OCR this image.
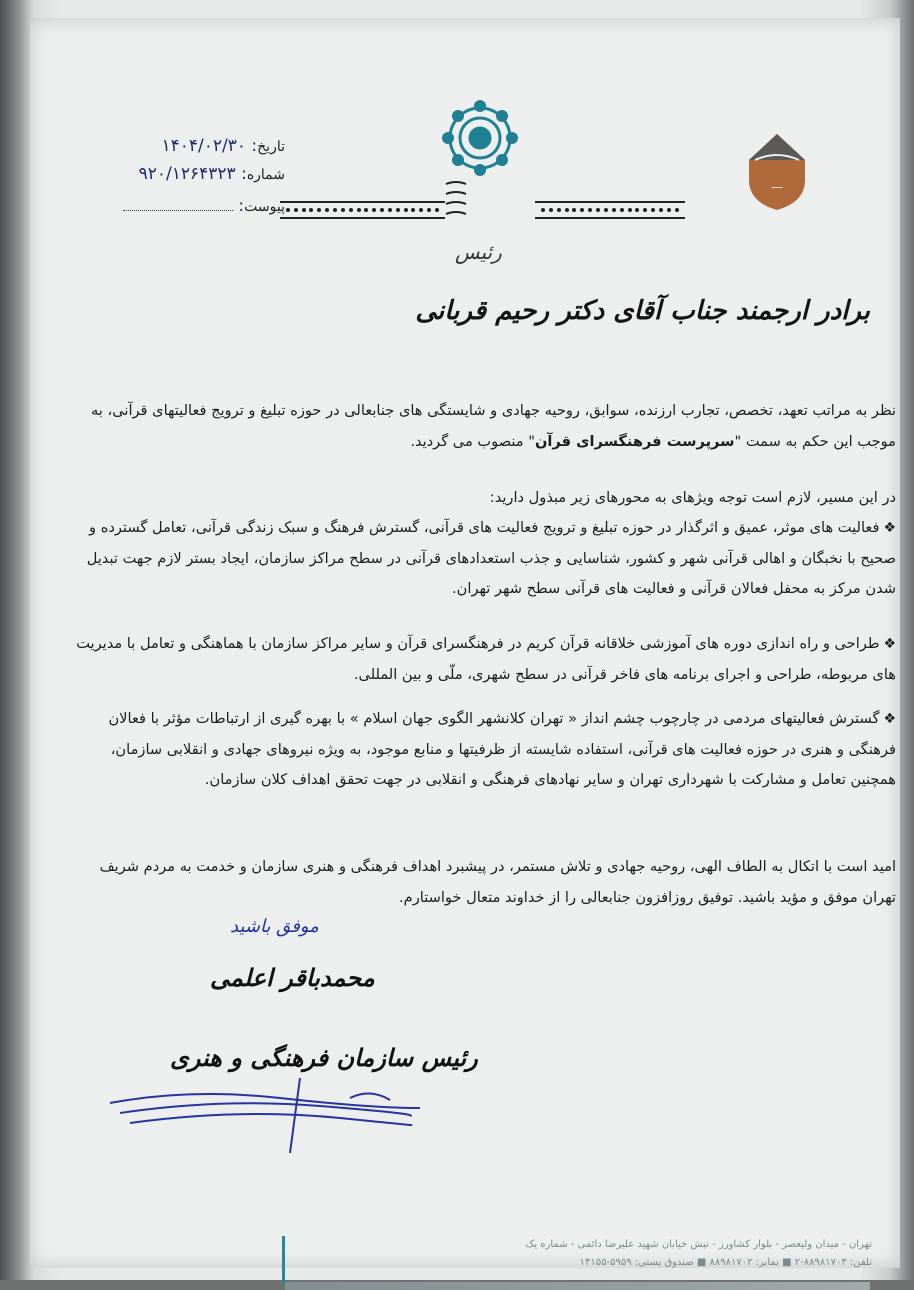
ــــ
تاریخ: ۱۴۰۴/۰۲/۳۰
شماره: ۹۲۰/۱۲۶۴۳۲۳
پیوست:
رئیس
برادر ارجمند جناب آقای دکتر رحیم قربانی
نظر به مراتب تعهد، تخصص، تجارب ارزنده، سوابق، روحیه جهادی و شایستگی های جنابعالی در حوزه تبلیغ و ترویج فعالیتهای قرآنی، به موجب این حکم به سمت "سرپرست فرهنگسرای قرآن" منصوب می گردید.
در این مسیر، لازم است توجه ویژهای به محورهای زیر مبذول دارید:
❖فعالیت های موثر، عمیق و اثرگذار در حوزه تبلیغ و ترویج فعالیت های قرآنی، گسترش فرهنگ و سبک زندگی قرآنی، تعامل گسترده و صحیح با نخبگان و اهالی قرآنی شهر و کشور، شناسایی و جذب استعدادهای قرآنی در سطح مراکز سازمان، ایجاد بستر لازم جهت تبدیل شدن مرکز به محفل فعالان قرآنی و فعالیت های قرآنی سطح شهر تهران.
❖طراحی و راه اندازی دوره های آموزشی خلاقانه قرآن کریم در فرهنگسرای قرآن و سایر مراکز سازمان با هماهنگی و تعامل با مدیریت های مربوطه، طراحی و اجرای برنامه های فاخر قرآنی در سطح شهری، ملّی و بین المللی.
❖گسترش فعالیتهای مردمی در چارچوب چشم انداز « تهران کلانشهر الگوی جهان اسلام » با بهره گیری از ارتباطات مؤثر با فعالان فرهنگی و هنری در حوزه فعالیت های قرآنی، استفاده شایسته از ظرفیتها و منابع موجود، به ویژه نیروهای جهادی و انقلابی سازمان، همچنین تعامل و مشارکت با شهرداری تهران و سایر نهادهای فرهنگی و انقلابی در جهت تحقق اهداف کلان سازمان.
امید است با اتکال به الطاف الهی، روحیه جهادی و تلاش مستمر، در پیشبرد اهداف فرهنگی و هنری سازمان و خدمت به مردم شریف تهران موفق و مؤید باشید. توفیق روزافزون جنابعالی را از خداوند متعال خواستارم.
موفق باشید
محمدباقر اعلمی
رئیس سازمان فرهنگی و هنری
تهران - میدان ولیعصر - بلوار کشاورز - نبش خیابان شهید علیرضا دائمی - شماره یک
تلفن: ۸۸۹۸۱۷۰۳-۲ ■ نمابر: ۸۸۹۸۱۷۰۲ ■ صندوق پستی: ۵۹۵۹-۱۴۱۵۵
